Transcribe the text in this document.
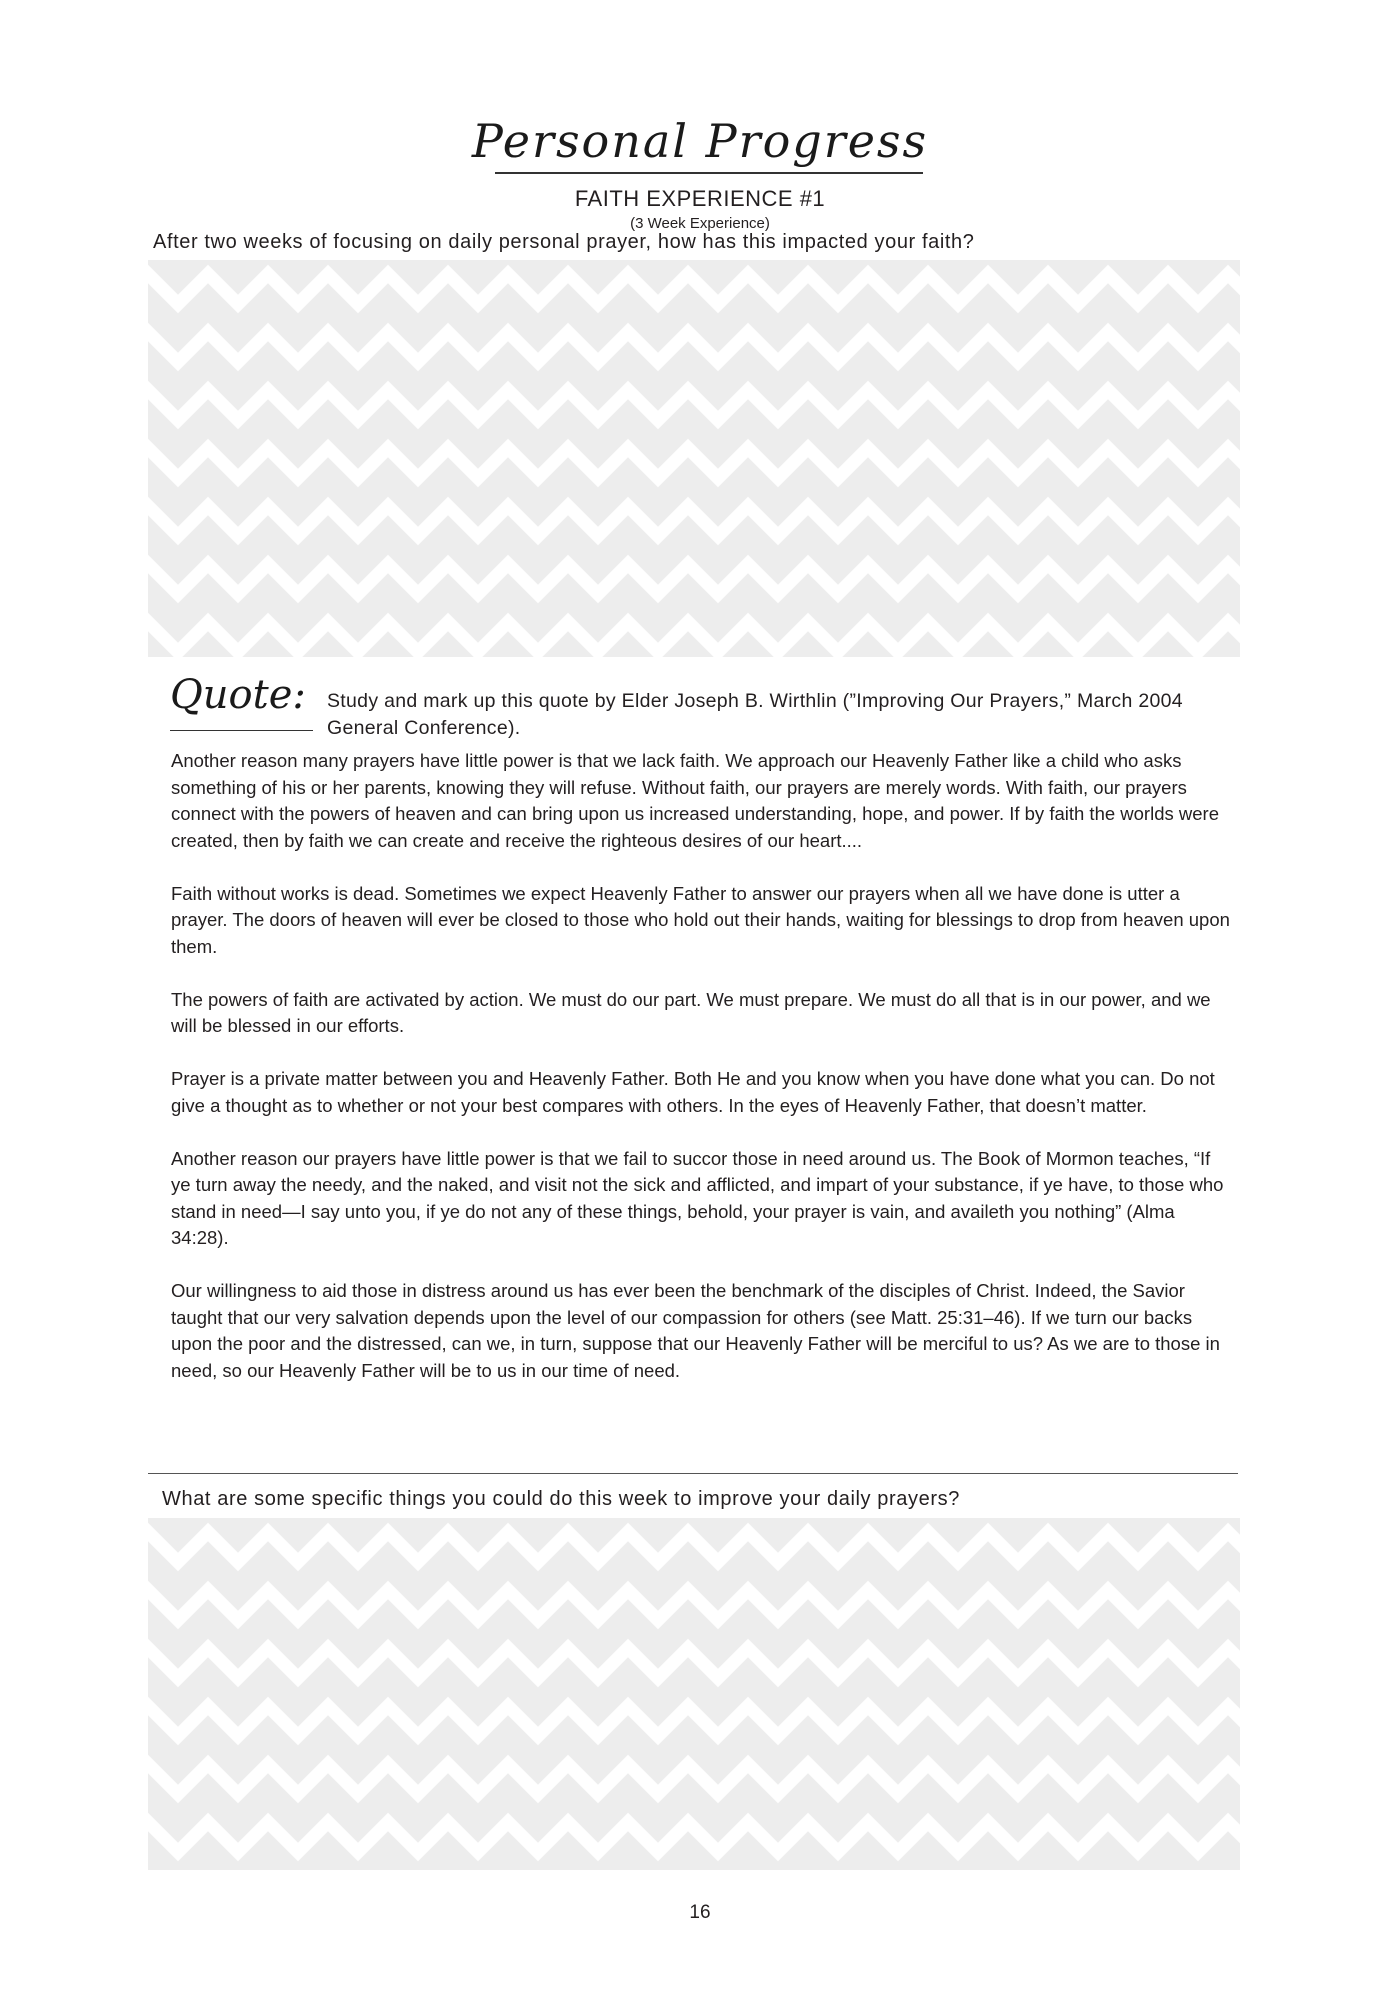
Personal Progress
FAITH EXPERIENCE #1
(3 Week Experience)
After two weeks of focusing on daily personal prayer, how has this impacted your faith?
Quote: Study and mark up this quote by Elder Joseph B. Wirthlin (”Improving Our Prayers,” March 2004 General Conference).

Another reason many prayers have little power is that we lack faith. We approach our Heavenly Father like a child who asks something of his or her parents, knowing they will refuse. Without faith, our prayers are merely words. With faith, our prayers connect with the powers of heaven and can bring upon us increased understanding, hope, and power. If by faith the worlds were created, then by faith we can create and receive the righteous desires of our heart....

Faith without works is dead. Sometimes we expect Heavenly Father to answer our prayers when all we have done is utter a prayer. The doors of heaven will ever be closed to those who hold out their hands, waiting for blessings to drop from heaven upon them.

The powers of faith are activated by action. We must do our part. We must prepare. We must do all that is in our power, and we will be blessed in our efforts.

Prayer is a private matter between you and Heavenly Father. Both He and you know when you have done what you can. Do not give a thought as to whether or not your best compares with others. In the eyes of Heavenly Father, that doesn’t matter.

Another reason our prayers have little power is that we fail to succor those in need around us. The Book of Mormon teaches, “If ye turn away the needy, and the naked, and visit not the sick and afflicted, and impart of your substance, if ye have, to those who stand in need—I say unto you, if ye do not any of these things, behold, your prayer is vain, and availeth you nothing” (Alma 34:28).

Our willingness to aid those in distress around us has ever been the benchmark of the disciples of Christ. Indeed, the Savior taught that our very salvation depends upon the level of our compassion for others (see Matt. 25:31–46). If we turn our backs upon the poor and the distressed, can we, in turn, suppose that our Heavenly Father will be merciful to us? As we are to those in need, so our Heavenly Father will be to us in our time of need.

What are some specific things you could do this week to improve your daily prayers?
16
